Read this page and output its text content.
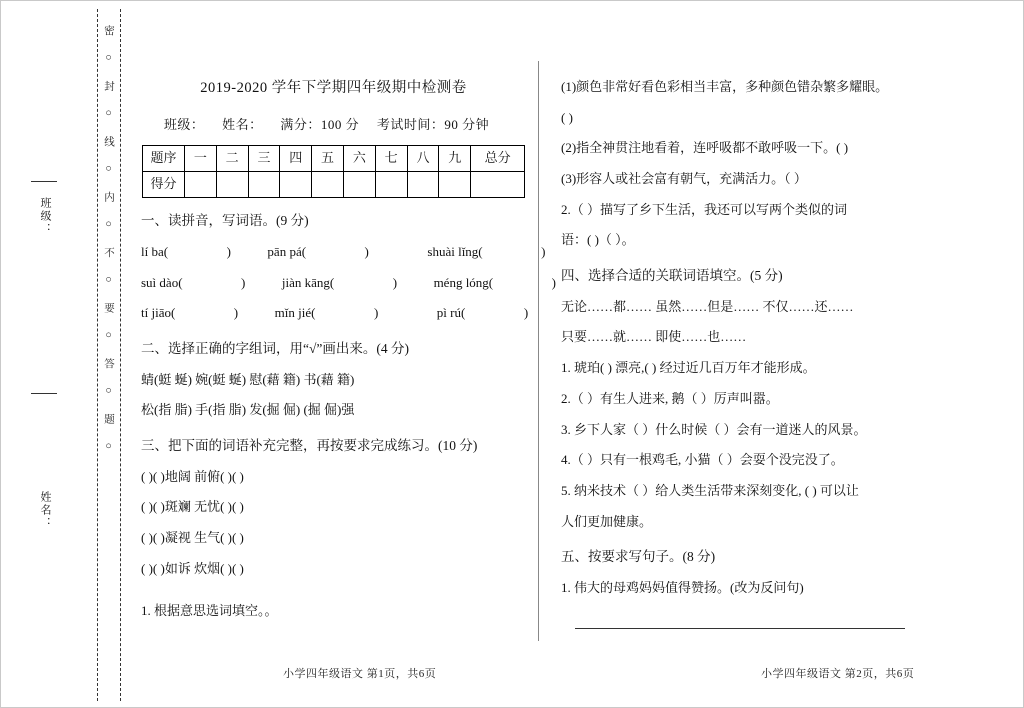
班级：
姓名：
密 ○ 封 ○ 线 ○ 内 ○ 不 ○ 要 ○ 答 ○ 题 ○	2019-2020 学年下学期四年级期中检测卷
班级： 姓名： 满分：100 分 考试时间：90 分钟
题序	一	二	三	四	五	六	七	八	九	总分
得分										
一、读拼音，写词语。(9 分)
lí ba(	)	pān pá(	)	shuài lǐng(	)
suì dào(	)	jiàn kāng(	)	méng lóng(	)
tí jiāo(	)	mǐn jié(	)	pì rú(	)
二、选择正确的字组词，用“√”画出来。(4 分)
蜻(蜓 蜒) 婉(蜓 蜒) 慰(藉 籍) 书(藉 籍)
松(指 脂) 手(指 脂) 发(掘 倔) (掘 倔)强
三、把下面的词语补充完整，再按要求完成练习。(10 分)
( )( )地阔 前俯( )( )
( )( )斑斓 无忧( )( )
( )( )凝视 生气( )( )
( )( )如诉 炊烟( )( )
1. 根据意思选词填空。。
(1)颜色非常好看色彩相当丰富，多种颜色错杂繁多耀眼。
( )
(2)指全神贯注地看着，连呼吸都不敢呼吸一下。( )
(3)形容人或社会富有朝气，充满活力。（ ）
2.（ ）描写了乡下生活，我还可以写两个类似的词
语：( )（ ）。
四、选择合适的关联词语填空。(5 分)
无论……都…… 虽然……但是…… 不仅……还……
只要……就…… 即使……也……
1. 琥珀( ) 漂亮,( ) 经过近几百万年才能形成。
2.（ ）有生人进来, 鹅（ ）厉声叫嚣。
3. 乡下人家（ ）什么时候（ ）会有一道迷人的风景。
4.（ ）只有一根鸡毛, 小猫（ ）会耍个没完没了。
5. 纳米技术（ ）给人类生活带来深刻变化, ( ) 可以让
人们更加健康。
五、按要求写句子。(8 分)
1. 伟大的母鸡妈妈值得赞扬。(改为反问句)
小学四年级语文 第1页，共6页	小学四年级语文 第2页，共6页
